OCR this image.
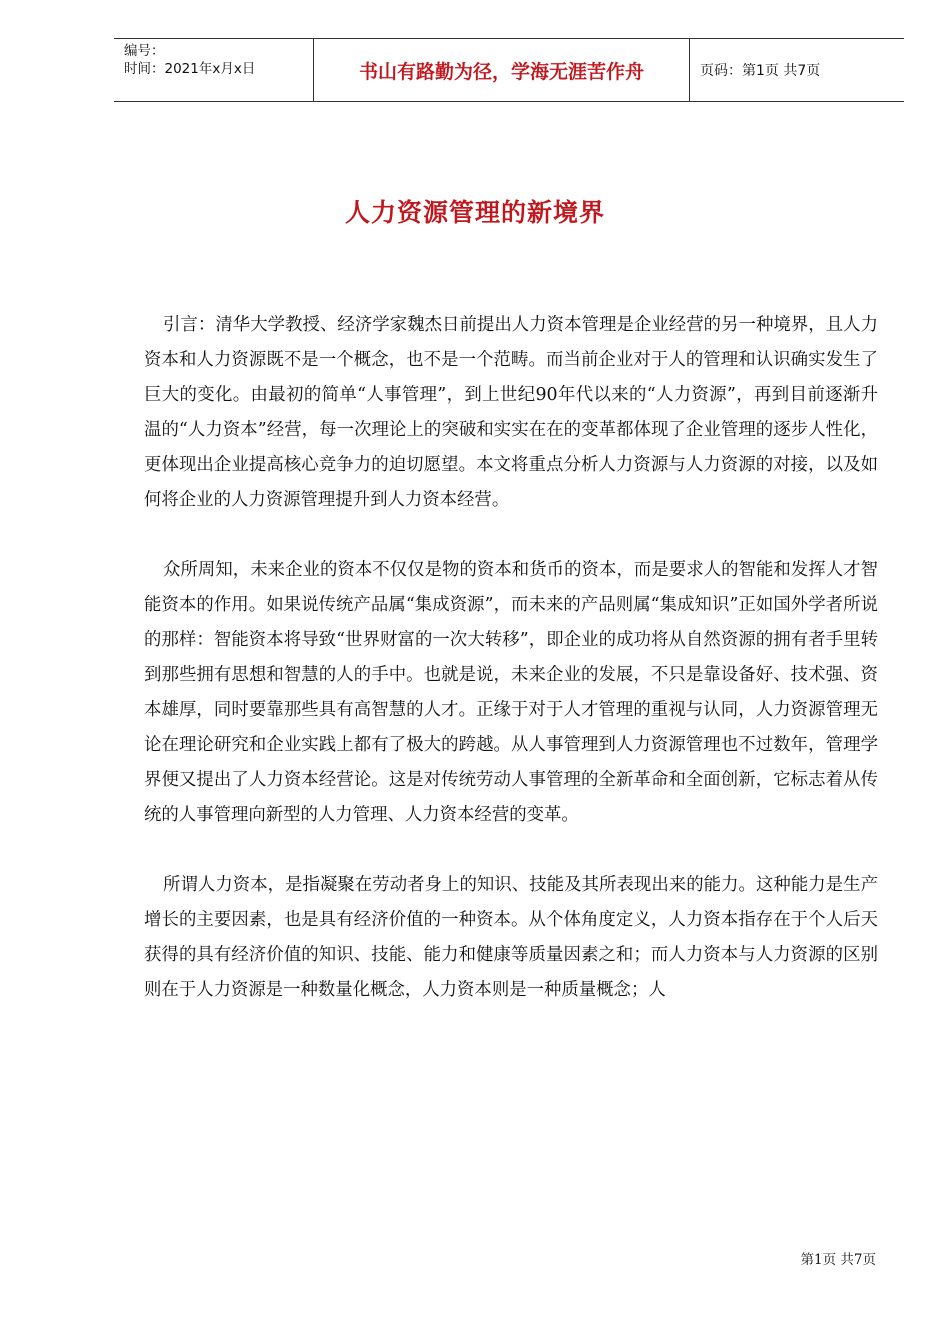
编号：
时间：2021年x月x日	书山有路勤为径，学海无涯苦作舟	页码：第1页 共7页
人力资源管理的新境界

引言：清华大学教授、经济学家魏杰日前提出人力资本管理是企业经营的另一种境界，且人力资本和人力资源既不是一个概念，也不是一个范畴。而当前企业对于人的管理和认识确实发生了巨大的变化。由最初的简单“人事管理”，到上世纪90年代以来的“人力资源”，再到目前逐渐升温的“人力资本”经营，每一次理论上的突破和实实在在的变革都体现了企业管理的逐步人性化，更体现出企业提高核心竞争力的迫切愿望。本文将重点分析人力资源与人力资源的对接，以及如何将企业的人力资源管理提升到人力资本经营。

众所周知，未来企业的资本不仅仅是物的资本和货币的资本，而是要求人的智能和发挥人才智能资本的作用。如果说传统产品属“集成资源”，而未来的产品则属“集成知识”正如国外学者所说的那样：智能资本将导致“世界财富的一次大转移”，即企业的成功将从自然资源的拥有者手里转到那些拥有思想和智慧的人的手中。也就是说，未来企业的发展，不只是靠设备好、技术强、资本雄厚，同时要靠那些具有高智慧的人才。正缘于对于人才管理的重视与认同，人力资源管理无论在理论研究和企业实践上都有了极大的跨越。从人事管理到人力资源管理也不过数年，管理学界便又提出了人力资本经营论。这是对传统劳动人事管理的全新革命和全面创新，它标志着从传统的人事管理向新型的人力管理、人力资本经营的变革。

所谓人力资本，是指凝聚在劳动者身上的知识、技能及其所表现出来的能力。这种能力是生产增长的主要因素，也是具有经济价值的一种资本。从个体角度定义，人力资本指存在于个人后天获得的具有经济价值的知识、技能、能力和健康等质量因素之和；而人力资本与人力资源的区别则在于人力资源是一种数量化概念，人力资本则是一种质量概念；人

第1页 共7页
